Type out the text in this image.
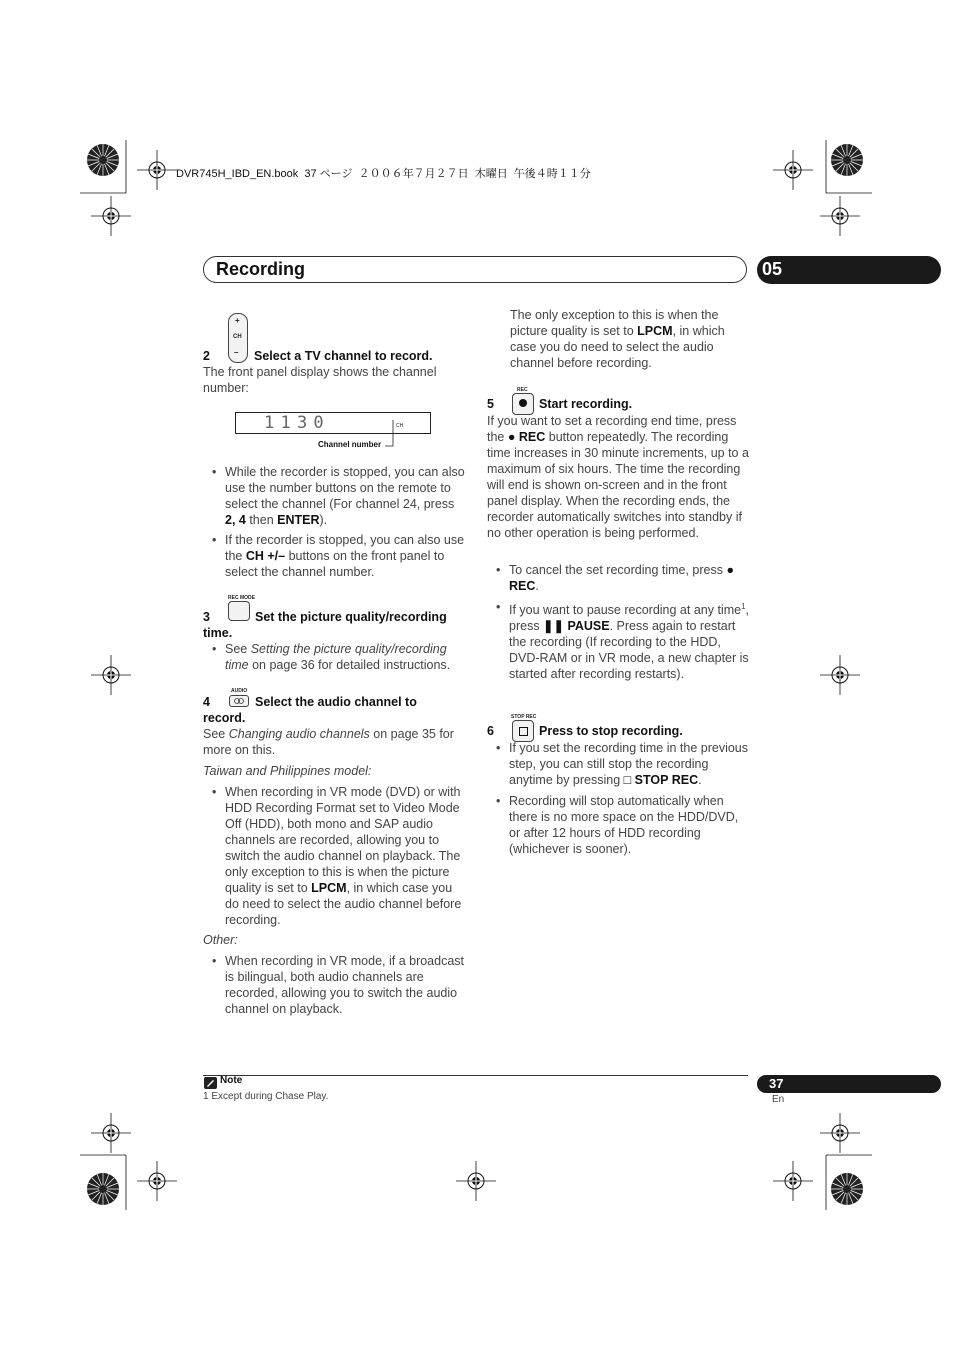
DVR745H_IBD_EN.book  37 ページ  ２００６年７月２７日  木曜日  午後４時１１分
Recording	05
+
CH
–
2	Select a TV channel to record.
The front panel display shows the channel number:
1 1 3 0	CH
Channel number
• While the recorder is stopped, you can also use the number buttons on the remote to select the channel (For channel 24, press 2, 4 then ENTER).
• If the recorder is stopped, you can also use the CH +/– buttons on the front panel to select the channel number.
REC MODE
3	Set the picture quality/recording
time.
• See Setting the picture quality/recording time on page 36 for detailed instructions.
AUDIO
4	Select the audio channel to
record.
See Changing audio channels on page 35 for more on this.
Taiwan and Philippines model:
• When recording in VR mode (DVD) or with HDD Recording Format set to Video Mode Off (HDD), both mono and SAP audio channels are recorded, allowing you to switch the audio channel on playback. The only exception to this is when the picture quality is set to LPCM, in which case you do need to select the audio channel before recording.
Other:
• When recording in VR mode, if a broadcast is bilingual, both audio channels are recorded, allowing you to switch the audio channel on playback.
The only exception to this is when the picture quality is set to LPCM, in which case you do need to select the audio channel before recording.
REC
5	Start recording.
If you want to set a recording end time, press the ● REC button repeatedly. The recording time increases in 30 minute increments, up to a maximum of six hours. The time the recording will end is shown on-screen and in the front panel display. When the recording ends, the recorder automatically switches into standby if no other operation is being performed.
• To cancel the set recording time, press ● REC.
• If you want to pause recording at any time$^1$, press ❚❚ PAUSE. Press again to restart the recording (If recording to the HDD, DVD-RAM or in VR mode, a new chapter is started after recording restarts).
STOP REC
6	Press to stop recording.
• If you set the recording time in the previous step, you can still stop the recording anytime by pressing □ STOP REC.
• Recording will stop automatically when there is no more space on the HDD/DVD, or after 12 hours of HDD recording (whichever is sooner).
Note
1 Except during Chase Play.
37
En
